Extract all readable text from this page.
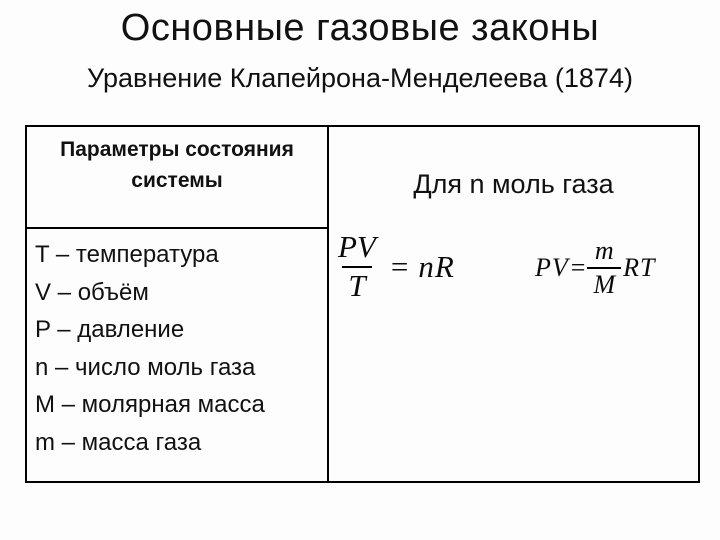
Основные газовые законы
Уравнение Клапейрона-Менделеева (1874)
Параметры состояния системы
T – температура
V – объём
P – давление
n – число моль газа
M – молярная масса
m – масса газа
Для n моль газа
$\frac{PV}{T}$ = nR	PV = $\frac{m}{M}$ RT
